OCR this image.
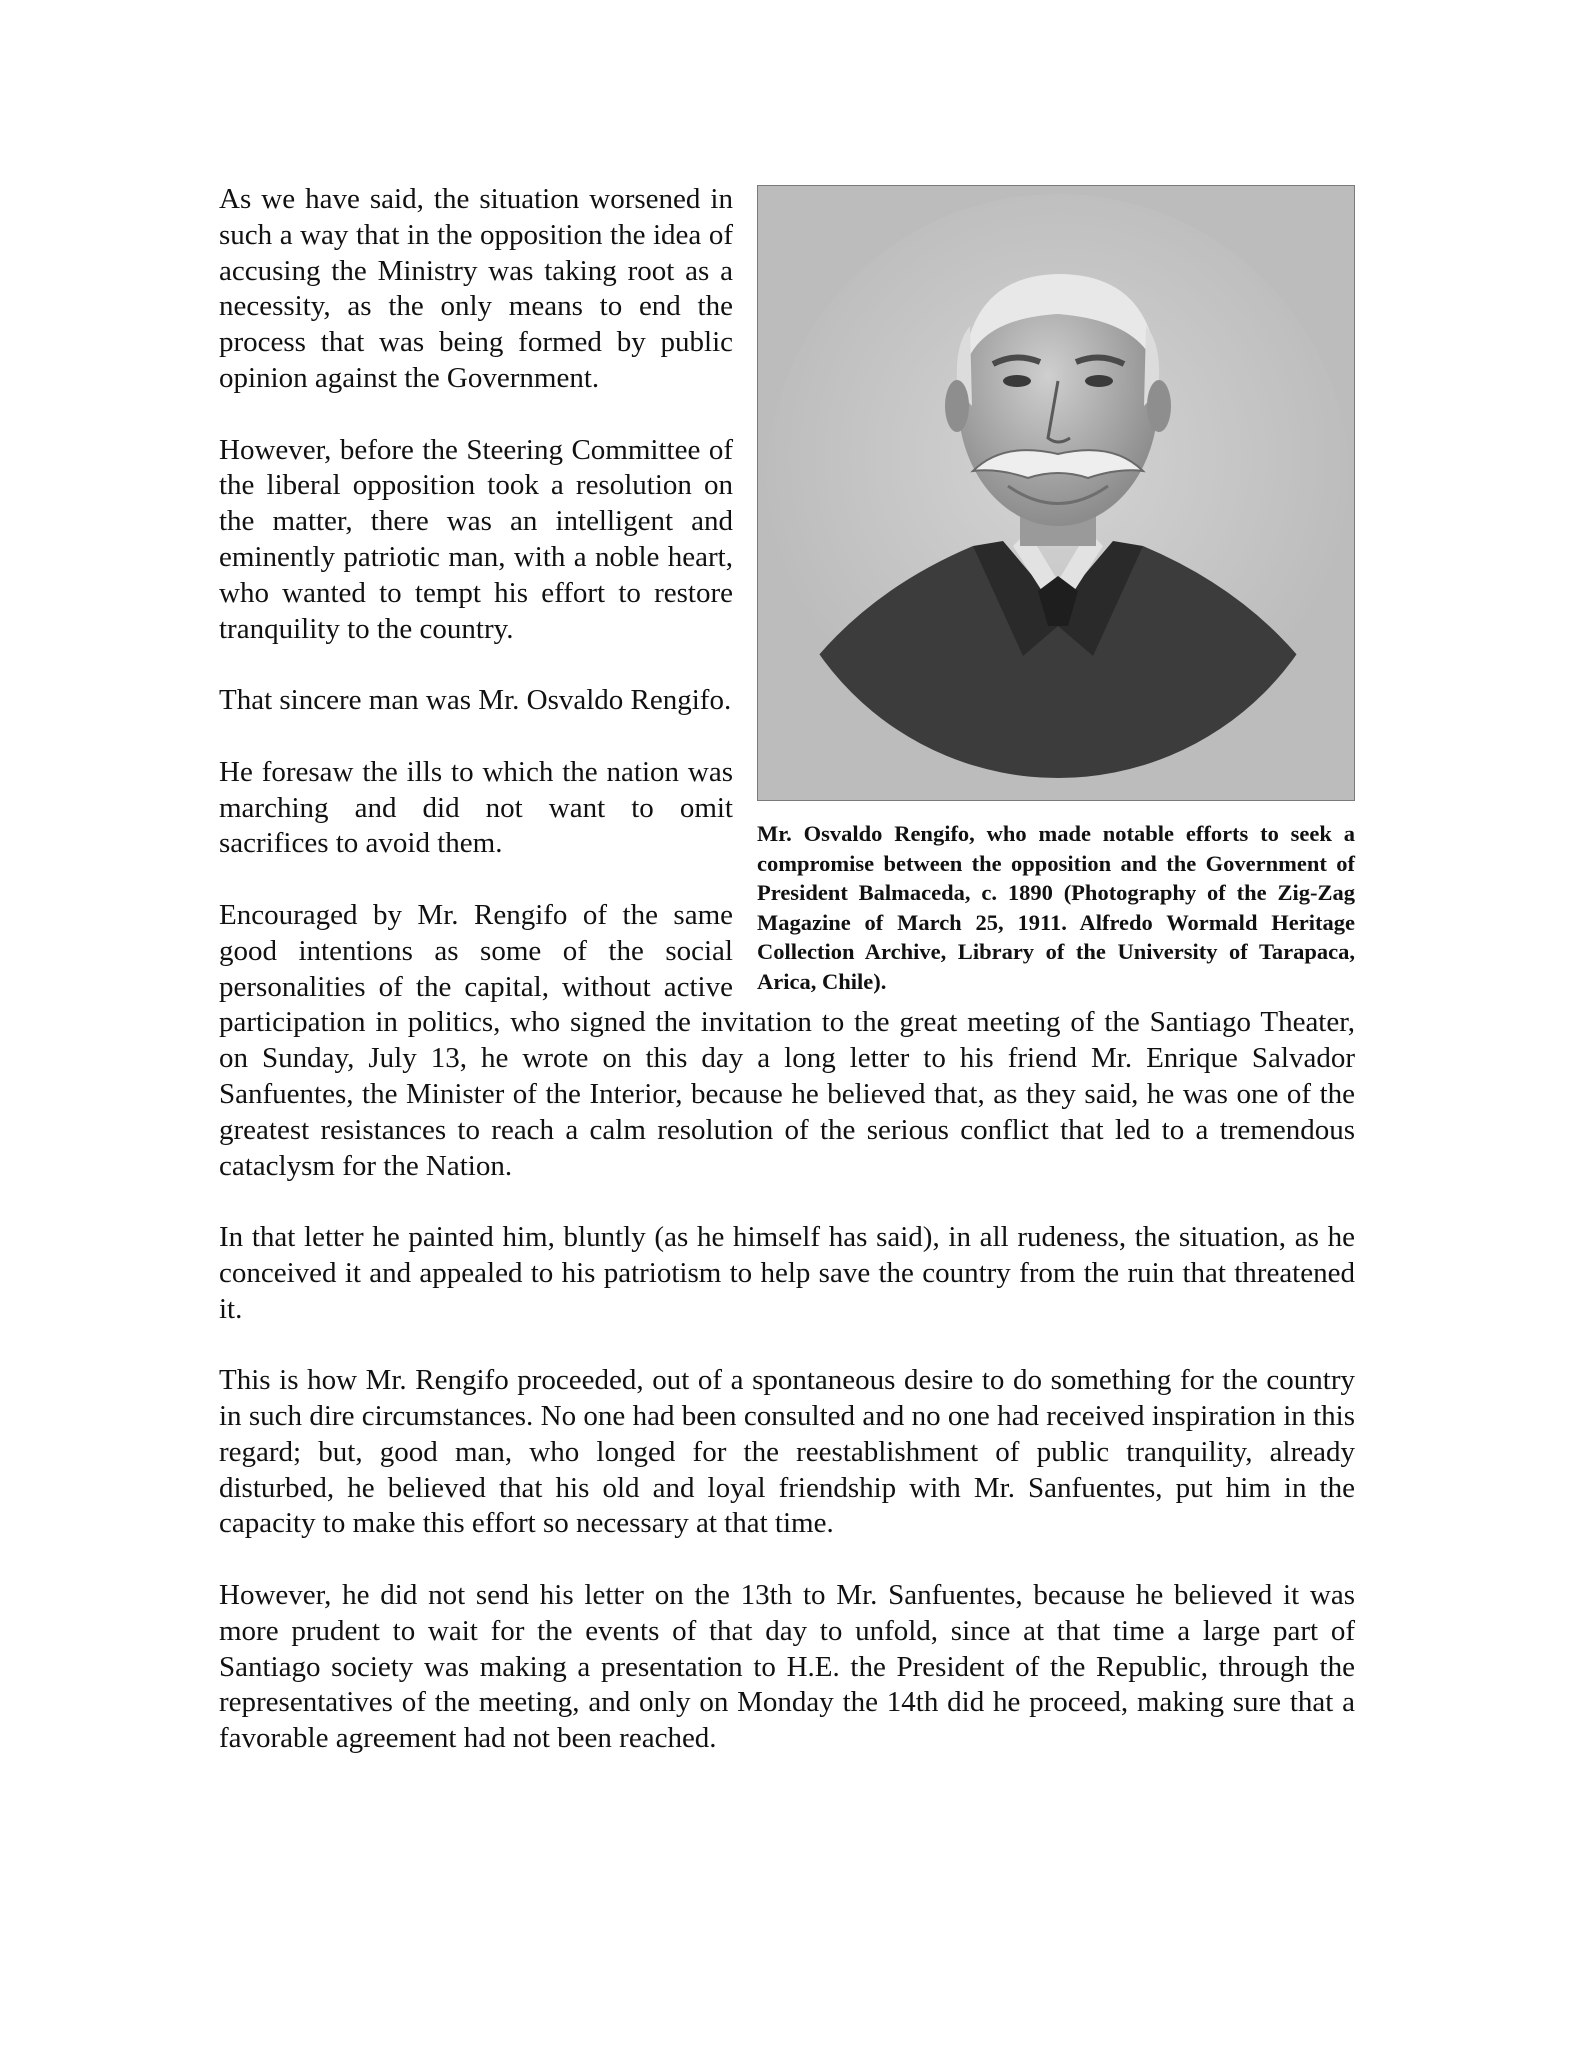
Mr. Osvaldo Rengifo, who made notable efforts to seek a compromise between the opposition and the Government of President Balmaceda, c. 1890 (Photography of the Zig-Zag Magazine of March 25, 1911. Alfredo Wormald Heritage Collection Archive, Library of the University of Tarapaca, Arica, Chile).

As we have said, the situation worsened in such a way that in the opposition the idea of accusing the Ministry was taking root as a necessity, as the only means to end the process that was being formed by public opinion against the Government.

However, before the Steering Committee of the liberal opposition took a resolution on the matter, there was an intelligent and eminently patriotic man, with a noble heart, who wanted to tempt his effort to restore tranquility to the country.

That sincere man was Mr. Osvaldo Rengifo.

He foresaw the ills to which the nation was marching and did not want to omit sacrifices to avoid them.

Encouraged by Mr. Rengifo of the same good intentions as some of the social personalities of the capital, without active participation in politics, who signed the invitation to the great meeting of the Santiago Theater, on Sunday, July 13, he wrote on this day a long letter to his friend Mr. Enrique Salvador Sanfuentes, the Minister of the Interior, because he believed that, as they said, he was one of the greatest resistances to reach a calm resolution of the serious conflict that led to a tremendous cataclysm for the Nation.

In that letter he painted him, bluntly (as he himself has said), in all rudeness, the situation, as he conceived it and appealed to his patriotism to help save the country from the ruin that threatened it.

This is how Mr. Rengifo proceeded, out of a spontaneous desire to do something for the country in such dire circumstances. No one had been consulted and no one had received inspiration in this regard; but, good man, who longed for the reestablishment of public tranquility, already disturbed, he believed that his old and loyal friendship with Mr. Sanfuentes, put him in the capacity to make this effort so necessary at that time.

However, he did not send his letter on the 13th to Mr. Sanfuentes, because he believed it was more prudent to wait for the events of that day to unfold, since at that time a large part of Santiago society was making a presentation to H.E. the President of the Republic, through the representatives of the meeting, and only on Monday the 14th did he proceed, making sure that a favorable agreement had not been reached.
